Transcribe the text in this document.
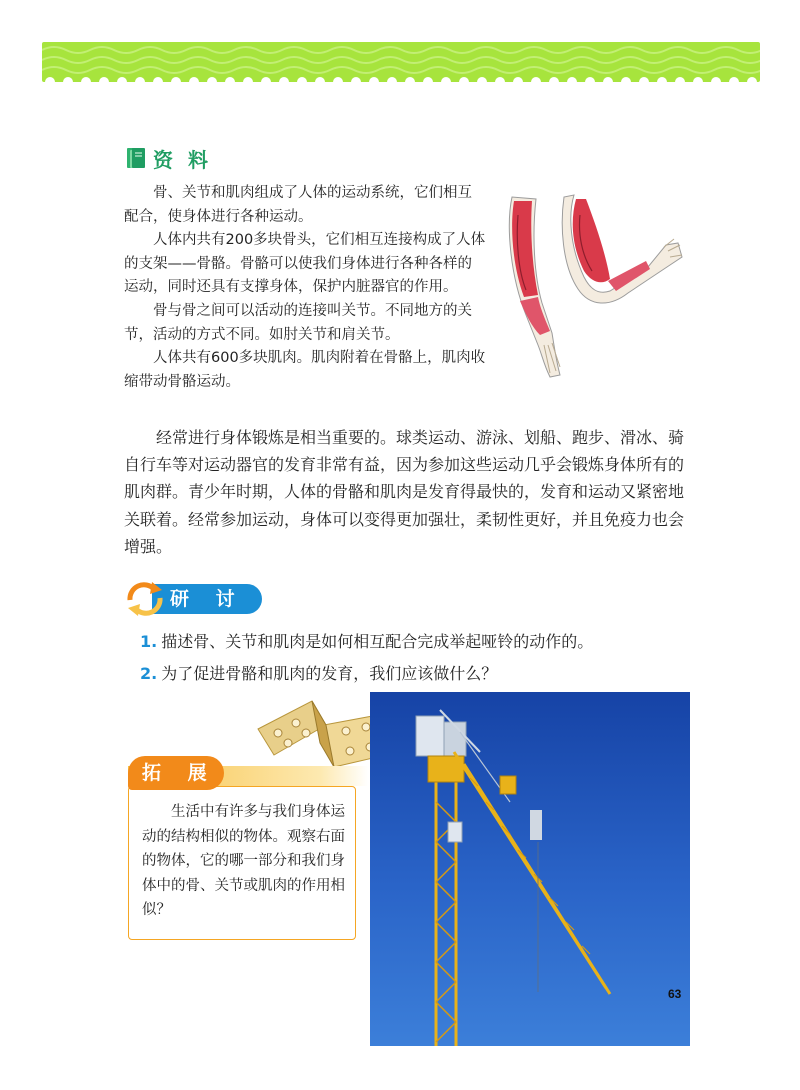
资 料

骨、关节和肌肉组成了人体的运动系统，它们相互配合，使身体进行各种运动。

人体内共有200多块骨头，它们相互连接构成了人体的支架——骨骼。骨骼可以使我们身体进行各种各样的运动，同时还具有支撑身体，保护内脏器官的作用。

骨与骨之间可以活动的连接叫关节。不同地方的关节，活动的方式不同。如肘关节和肩关节。

人体共有600多块肌肉。肌肉附着在骨骼上，肌肉收缩带动骨骼运动。

经常进行身体锻炼是相当重要的。球类运动、游泳、划船、跑步、滑冰、骑自行车等对运动器官的发育非常有益，因为参加这些运动几乎会锻炼身体所有的肌肉群。青少年时期，人体的骨骼和肌肉是发育得最快的，发育和运动又紧密地关联着。经常参加运动，身体可以变得更加强壮，柔韧性更好，并且免疫力也会增强。

研 讨
1. 描述骨、关节和肌肉是如何相互配合完成举起哑铃的动作的。
2. 为了促进骨骼和肌肉的发育，我们应该做什么？
拓 展

生活中有许多与我们身体运动的结构相似的物体。观察右面的物体，它的哪一部分和我们身体中的骨、关节或肌肉的作用相似？

63
